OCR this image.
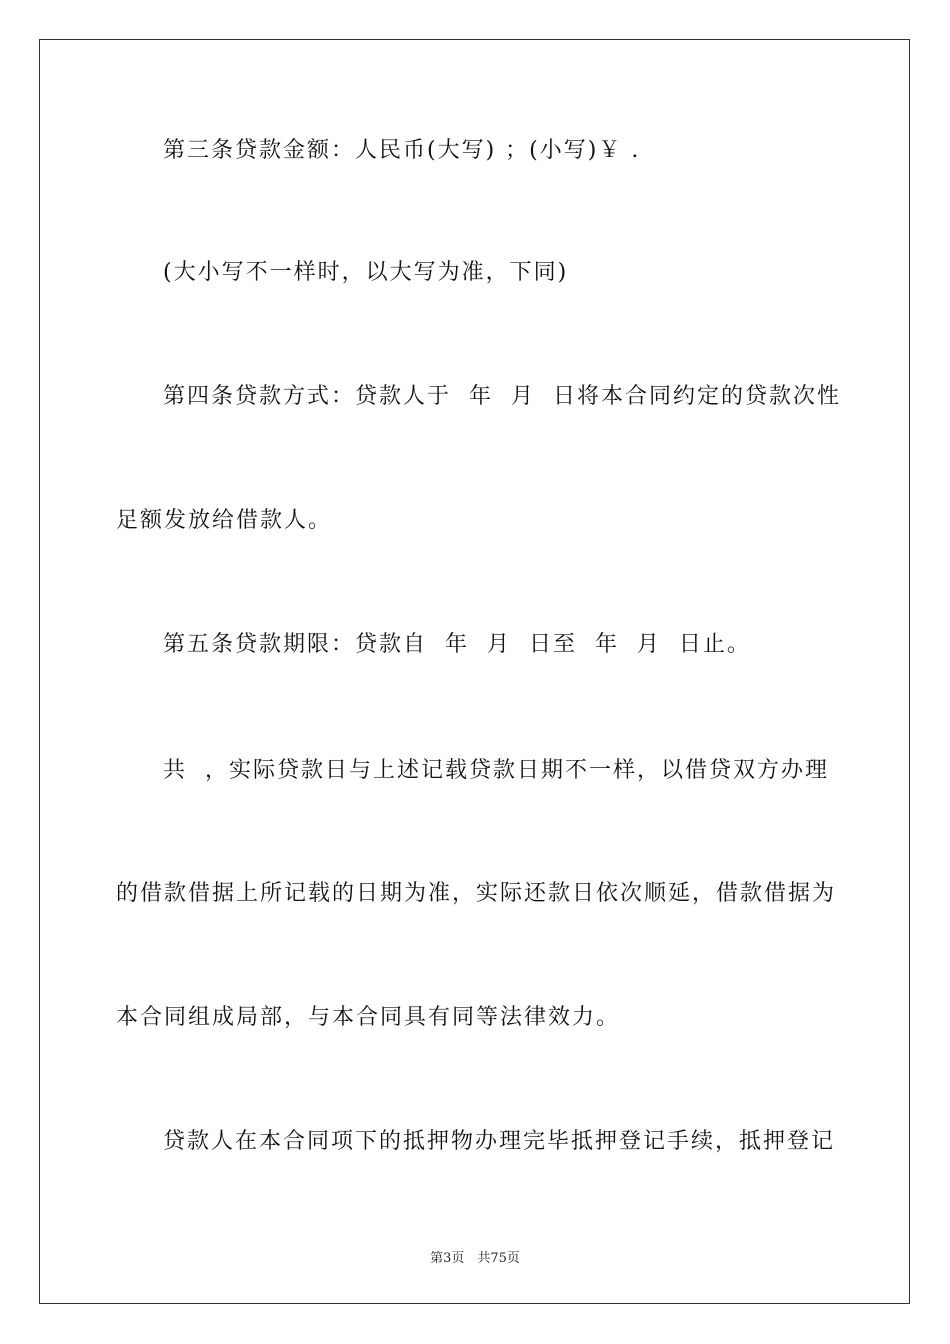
第三条贷款金额：人民币(大写) ；(小写)￥ .
(大小写不一样时，以大写为准，下同)
第四条贷款方式：贷款人于  年  月  日将本合同约定的贷款次性
足额发放给借款人。
第五条贷款期限：贷款自  年  月  日至  年  月  日止。
共  ，实际贷款日与上述记载贷款日期不一样，以借贷双方办理
的借款借据上所记载的日期为准，实际还款日依次顺延，借款借据为
本合同组成局部，与本合同具有同等法律效力。
贷款人在本合同项下的抵押物办理完毕抵押登记手续，抵押登记
第3页　共75页
